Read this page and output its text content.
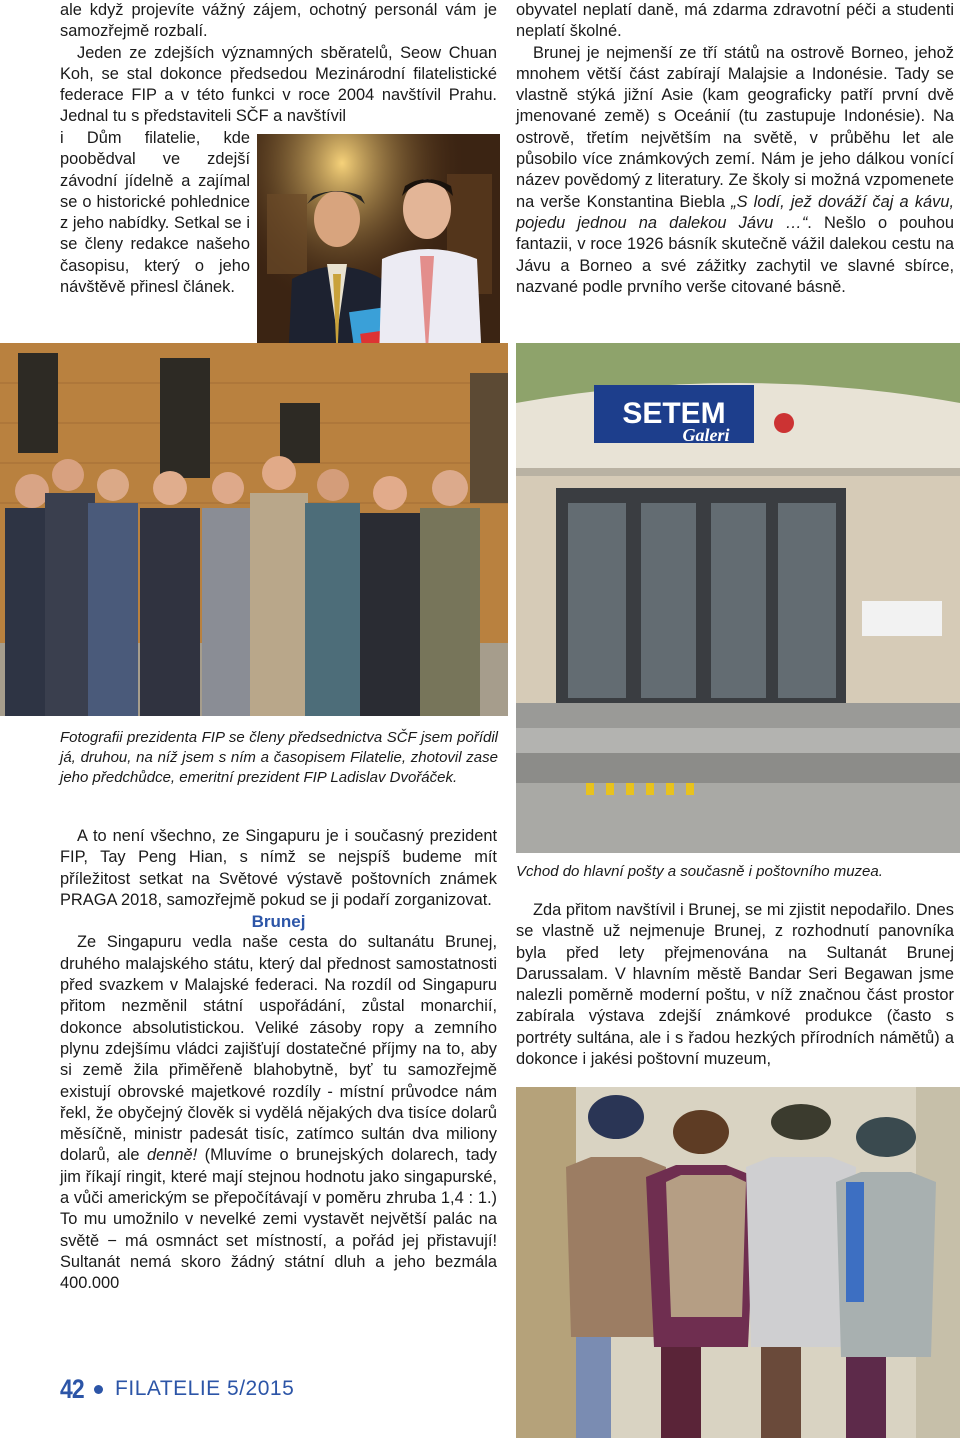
ale když projevíte vážný zájem, ochotný personál vám je samozřejmě rozbalí.

Jeden ze zdejších významných sběratelů, Seow Chuan Koh, se stal dokonce předsedou Mezinárodní filatelistické federace FIP a v této funkci v roce 2004 navštívil Prahu. Jednal tu s představiteli SČF a navštívil

i Dům filatelie, kde poobědval ve zdejší závodní jídelně a zajímal se o historické pohlednice z jeho nabídky. Setkal se i se členy redakce našeho časopisu, který o jeho návštěvě přinesl článek.

obyvatel neplatí daně, má zdarma zdravotní péči a studenti neplatí školné.

Brunej je nejmenší ze tří států na ostrově Borneo, jehož mnohem větší část zabírají Malajsie a Indonésie. Tady se vlastně stýká jižní Asie (kam geograficky patří první dvě jmenované země) s Oceánií (tu zastupuje Indonésie). Na ostrově, třetím největším na světě, v průběhu let ale působilo více známkových zemí. Nám je jeho dálkou vonící název povědomý z literatury. Ze školy si možná vzpomenete na verše Konstantina Biebla „S lodí, jež dováží čaj a kávu, pojedu jednou na dalekou Jávu …“. Nešlo o pouhou fantazii, v roce 1926 básník skutečně vážil dalekou cestu na Jávu a Borneo a své zážitky zachytil ve slavné sbírce, nazvané podle prvního verše citované básně.

SETEM
Galeri

Fotografii prezidenta FIP se členy předsednictva SČF jsem pořídil já, druhou, na níž jsem s ním a časopisem Filatelie, zhotovil zase jeho předchůdce, emeritní prezident FIP Ladislav Dvořáček.

Vchod do hlavní pošty a současně i poštovního muzea.

A to není všechno, ze Singapuru je i současný prezident FIP, Tay Peng Hian, s nímž se nejspíš budeme mít příležitost setkat na Světové výstavě poštovních známek PRAGA 2018, samozřejmě pokud se ji podaří zorganizovat.

Brunej

Ze Singapuru vedla naše cesta do sultanátu Brunej, druhého malajského státu, který dal přednost samostatnosti před svazkem v Malajské federaci. Na rozdíl od Singapuru přitom nezměnil státní uspořádání, zůstal monarchií, dokonce absolutistickou. Veliké zásoby ropy a zemního plynu zdejšímu vládci zajišťují dostatečné příjmy na to, aby si země žila přiměřeně blahobytně, byť tu samozřejmě existují obrovské majetkové rozdíly - místní průvodce nám řekl, že obyčejný člověk si vydělá nějakých dva tisíce dolarů měsíčně, ministr padesát tisíc, zatímco sultán dva miliony dolarů, ale denně! (Mluvíme o brunejských dolarech, tady jim říkají ringit, které mají stejnou hodnotu jako singapurské, a vůči americkým se přepočítávají v poměru zhruba 1,4 : 1.) To mu umožnilo v nevelké zemi vystavět největší palác na světě − má osmnáct set místností, a pořád jej přistavují! Sultanát nemá skoro žádný státní dluh a jeho bezmála 400.000

Zda přitom navštívil i Brunej, se mi zjistit nepodařilo. Dnes se vlastně už nejmenuje Brunej, z rozhodnutí panovníka byla před lety přejmenována na Sultanát Brunej Darussalam. V hlavním městě Bandar Seri Begawan jsme nalezli poměrně moderní poštu, v níž značnou část prostor zabírala výstava zdejší známkové produkce (často s portréty sultána, ale i s řadou hezkých přírodních námětů) a dokonce i jakési poštovní muzeum,

42 FILATELIE 5/2015
